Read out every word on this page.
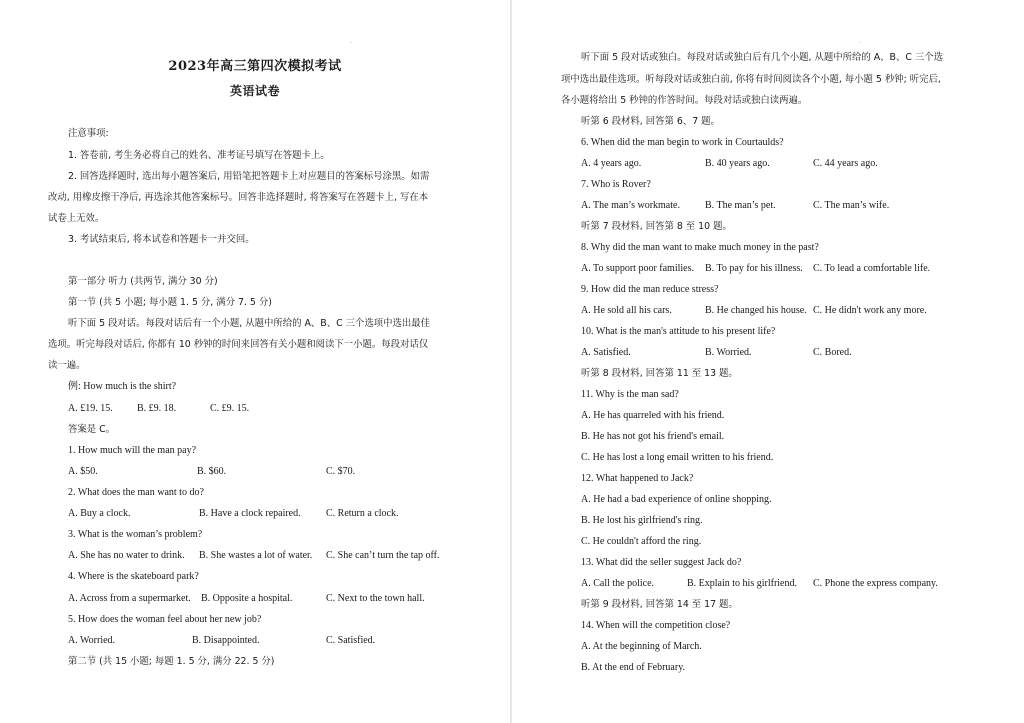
·
2023年高三第四次模拟考试
英语试卷
注意事项:
1. 答卷前, 考生务必将自己的姓名、准考证号填写在答题卡上。
2. 回答选择题时, 选出每小题答案后, 用铅笔把答题卡上对应题目的答案标号涂黑。如需
改动, 用橡皮擦干净后, 再选涂其他答案标号。回答非选择题时, 将答案写在答题卡上, 写在本
试卷上无效。
3. 考试结束后, 将本试卷和答题卡一并交回。
第一部分 听力 (共两节, 满分 30 分)
第一节 (共 5 小题; 每小题 1. 5 分, 满分 7. 5 分)
听下面 5 段对话。每段对话后有一个小题, 从题中所给的 A、B、C 三个选项中选出最佳
选项。听完每段对话后, 你都有 10 秒钟的时间来回答有关小题和阅读下一小题。每段对话仅
读一遍。
例: How much is the shirt?
A. £19. 15. B. £9. 18.	C. £9. 15.
答案是 C。
1. How much will the man pay?
A. $50.	B. $60.	C. $70.
2. What does the man want to do?
A. Buy a clock.	B. Have a clock repaired.	C. Return a clock.
3. What is the woman’s problem?
A. She has no water to drink. B. She wastes a lot of water. C. She can’t turn the tap off.
4. Where is the skateboard park?
A. Across from a supermarket. B. Opposite a hospital.	C. Next to the town hall.
5. How does the woman feel about her new job?
A. Worried.	B. Disappointed.	C. Satisfied.
第二节 (共 15 小题; 每题 1. 5 分, 满分 22. 5 分)
·
听下面 5 段对话或独白。每段对话或独白后有几个小题, 从题中所给的 A、B、C 三个选
项中选出最佳选项。听每段对话或独白前, 你将有时间阅读各个小题, 每小题 5 秒钟; 听完后,
各小题将给出 5 秒钟的作答时间。每段对话或独白读两遍。
听第 6 段材料, 回答第 6、7 题。
6. When did the man begin to work in Courtaulds?
A. 4 years ago.	B. 40 years ago.	C. 44 years ago.
7. Who is Rover?
A. The man’s workmate.	B. The man’s pet.	C. The man’s wife.
听第 7 段材料, 回答第 8 至 10 题。
8. Why did the man want to make much money in the past?
A. To support poor families. B. To pay for his illness. C. To lead a comfortable life.
9. How did the man reduce stress?
A. He sold all his cars.	B. He changed his house. C. He didn't work any more.
10. What is the man's attitude to his present life?
A. Satisfied.	B. Worried.	C. Bored.
听第 8 段材料, 回答第 11 至 13 题。
11. Why is the man sad?
A. He has quarreled with his friend.
B. He has not got his friend's email.
C. He has lost a long email written to his friend.
12. What happened to Jack?
A. He had a bad experience of online shopping.
B. He lost his girlfriend's ring.
C. He couldn't afford the ring.
13. What did the seller suggest Jack do?
A. Call the police.	B. Explain to his girlfriend. C. Phone the express company.
听第 9 段材料, 回答第 14 至 17 题。
14. When will the competition close?
A. At the beginning of March.
B. At the end of February.
